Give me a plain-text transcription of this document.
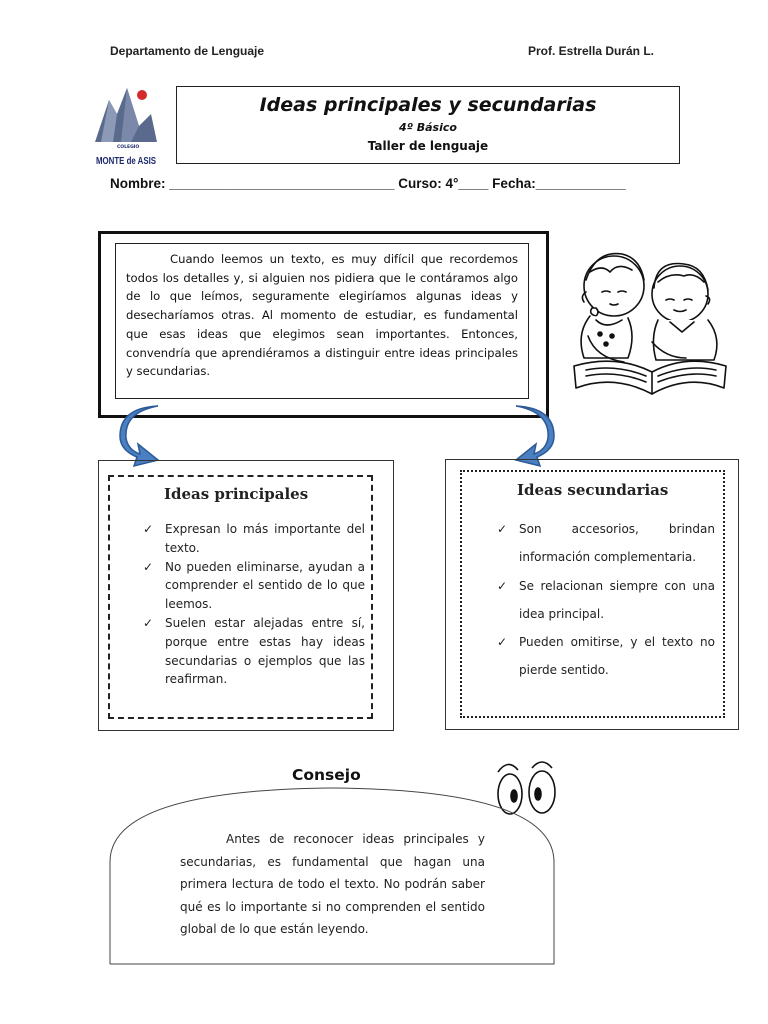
Departamento de Lenguaje	Prof. Estrella Durán L.
COLEGIO
MONTE de ASIS
Ideas principales y secundarias
4º Básico
Taller de lenguaje
Nombre: ______________________________ Curso: 4°____ Fecha:____________
Cuando leemos un texto, es muy difícil que recordemos todos los detalles y, si alguien nos pidiera que le contáramos algo de lo que leímos, seguramente elegiríamos algunas ideas y desecharíamos otras. Al momento de estudiar, es fundamental que esas ideas que elegimos sean importantes. Entonces, convendría que aprendiéramos a distinguir entre ideas principales y secundarias.
Ideas principales
✓ Expresan lo más importante del texto.
✓ No pueden eliminarse, ayudan a comprender el sentido de lo que leemos.
✓ Suelen estar alejadas entre sí, porque entre estas hay ideas secundarias o ejemplos que las reafirman.
Ideas secundarias
✓ Son accesorios, brindan información complementaria.
✓ Se relacionan siempre con una idea principal.
✓ Pueden omitirse, y el texto no pierde sentido.
Consejo
Antes de reconocer ideas principales y secundarias, es fundamental que hagan una primera lectura de todo el texto. No podrán saber qué es lo importante si no comprenden el sentido global de lo que están leyendo.
